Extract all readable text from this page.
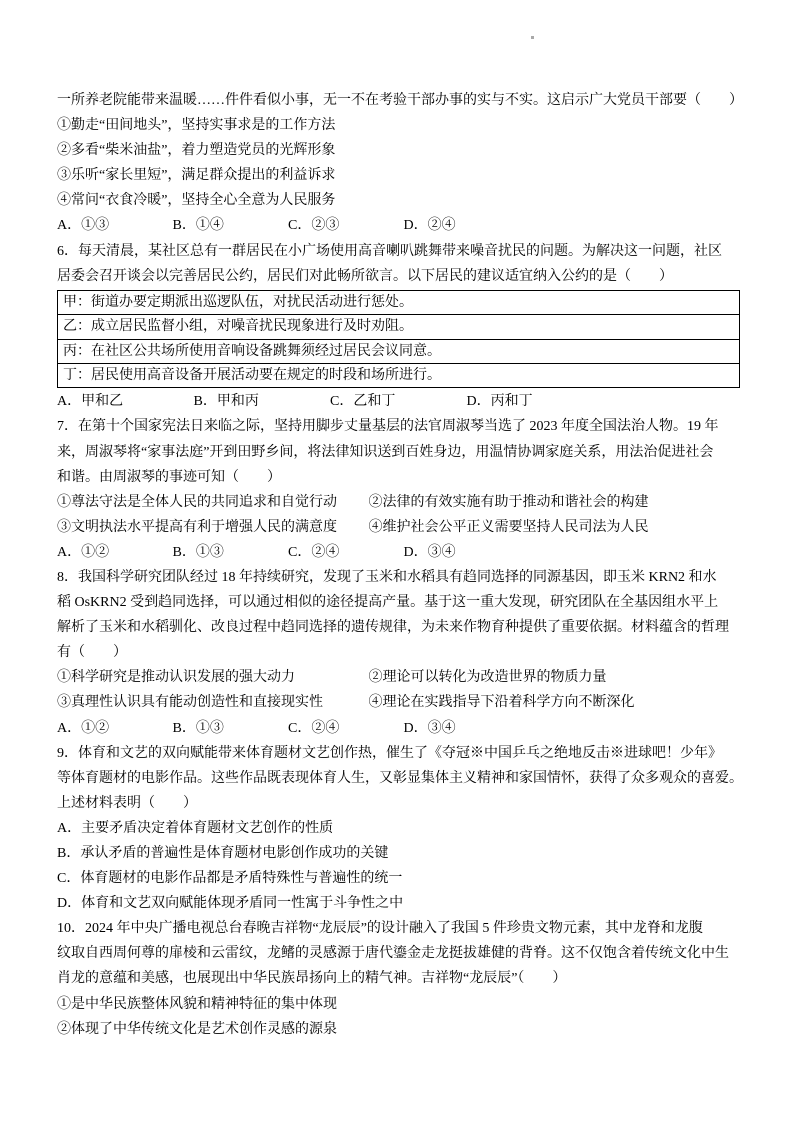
一所养老院能带来温暖……件件看似小事，无一不在考验干部办事的实与不实。这启示广大党员干部要（　　）
①勤走“田间地头”，坚持实事求是的工作方法
②多看“柴米油盐”，着力塑造党员的光辉形象
③乐听“家长里短”，满足群众提出的利益诉求
④常问“衣食冷暖”，坚持全心全意为人民服务
A．①③	B．①④	C．②③	D．②④
6．每天清晨，某社区总有一群居民在小广场使用高音喇叭跳舞带来噪音扰民的问题。为解决这一问题，社区
居委会召开谈会以完善居民公约，居民们对此畅所欲言。以下居民的建议适宜纳入公约的是（　　）
甲：街道办要定期派出巡逻队伍，对扰民活动进行惩处。
乙：成立居民监督小组，对噪音扰民现象进行及时劝阻。
丙：在社区公共场所使用音响设备跳舞须经过居民会议同意。
丁：居民使用高音设备开展活动要在规定的时段和场所进行。
A．甲和乙	B．甲和丙	C．乙和丁	D．丙和丁
7．在第十个国家宪法日来临之际，坚持用脚步丈量基层的法官周淑琴当选了 2023 年度全国法治人物。19 年
来，周淑琴将“家事法庭”开到田野乡间，将法律知识送到百姓身边，用温情协调家庭关系，用法治促进社会
和谐。由周淑琴的事迹可知（　　）
①尊法守法是全体人民的共同追求和自觉行动 ②法律的有效实施有助于推动和谐社会的构建
③文明执法水平提高有利于增强人民的满意度 ④维护社会公平正义需要坚持人民司法为人民
A．①②	B．①③	C．②④	D．③④
8．我国科学研究团队经过 18 年持续研究，发现了玉米和水稻具有趋同选择的同源基因，即玉米 KRN2 和水
稻 OsKRN2 受到趋同选择，可以通过相似的途径提高产量。基于这一重大发现，研究团队在全基因组水平上
解析了玉米和水稻驯化、改良过程中趋同选择的遗传规律，为未来作物育种提供了重要依据。材料蕴含的哲理
有（　　）
①科学研究是推动认识发展的强大动力	②理论可以转化为改造世界的物质力量
③真理性认识具有能动创造性和直接现实性	④理论在实践指导下沿着科学方向不断深化
A．①②	B．①③	C．②④	D．③④
9．体育和文艺的双向赋能带来体育题材文艺创作热，催生了《夺冠※中国乒乓之绝地反击※进球吧！少年》
等体育题材的电影作品。这些作品既表现体育人生，又彰显集体主义精神和家国情怀，获得了众多观众的喜爱。
上述材料表明（　　）
A．主要矛盾决定着体育题材文艺创作的性质
B．承认矛盾的普遍性是体育题材电影创作成功的关键
C．体育题材的电影作品都是矛盾特殊性与普遍性的统一
D．体育和文艺双向赋能体现矛盾同一性寓于斗争性之中
10．2024 年中央广播电视总台春晚吉祥物“龙辰辰”的设计融入了我国 5 件珍贵文物元素，其中龙脊和龙腹
纹取自西周何尊的扉棱和云雷纹，龙鳍的灵感源于唐代鎏金走龙挺拔雄健的背脊。这不仅饱含着传统文化中生
肖龙的意蕴和美感，也展现出中华民族昂扬向上的精气神。吉祥物“龙辰辰”（　　）
①是中华民族整体风貌和精神特征的集中体现
②体现了中华传统文化是艺术创作灵感的源泉
